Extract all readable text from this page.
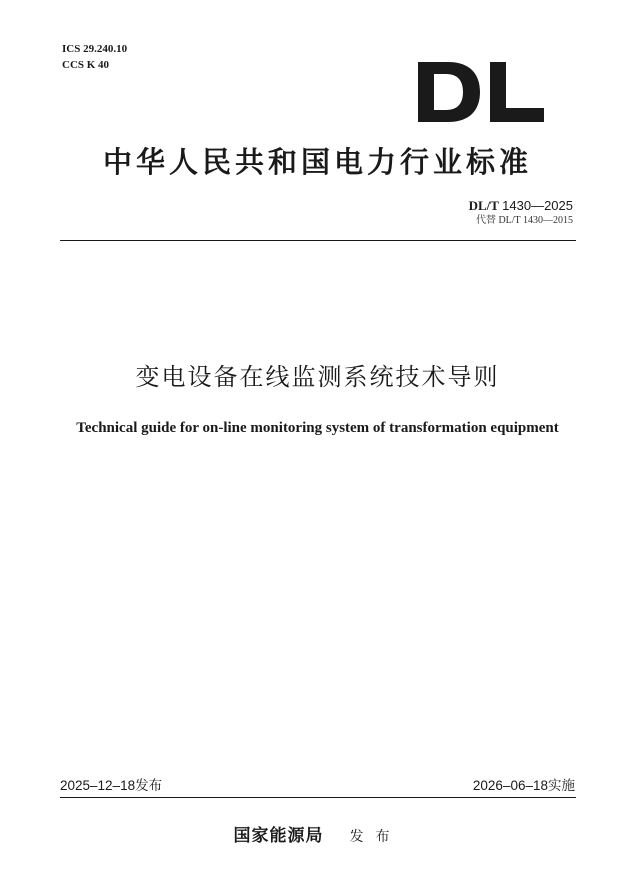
ICS 29.240.10
CCS K 40
中华人民共和国电力行业标准
DL/T 1430—2025
代替 DL/T 1430—2015
变电设备在线监测系统技术导则
Technical guide for on-line monitoring system of transformation equipment
2025–12–18发布	2026–06–18实施
国家能源局 发布
